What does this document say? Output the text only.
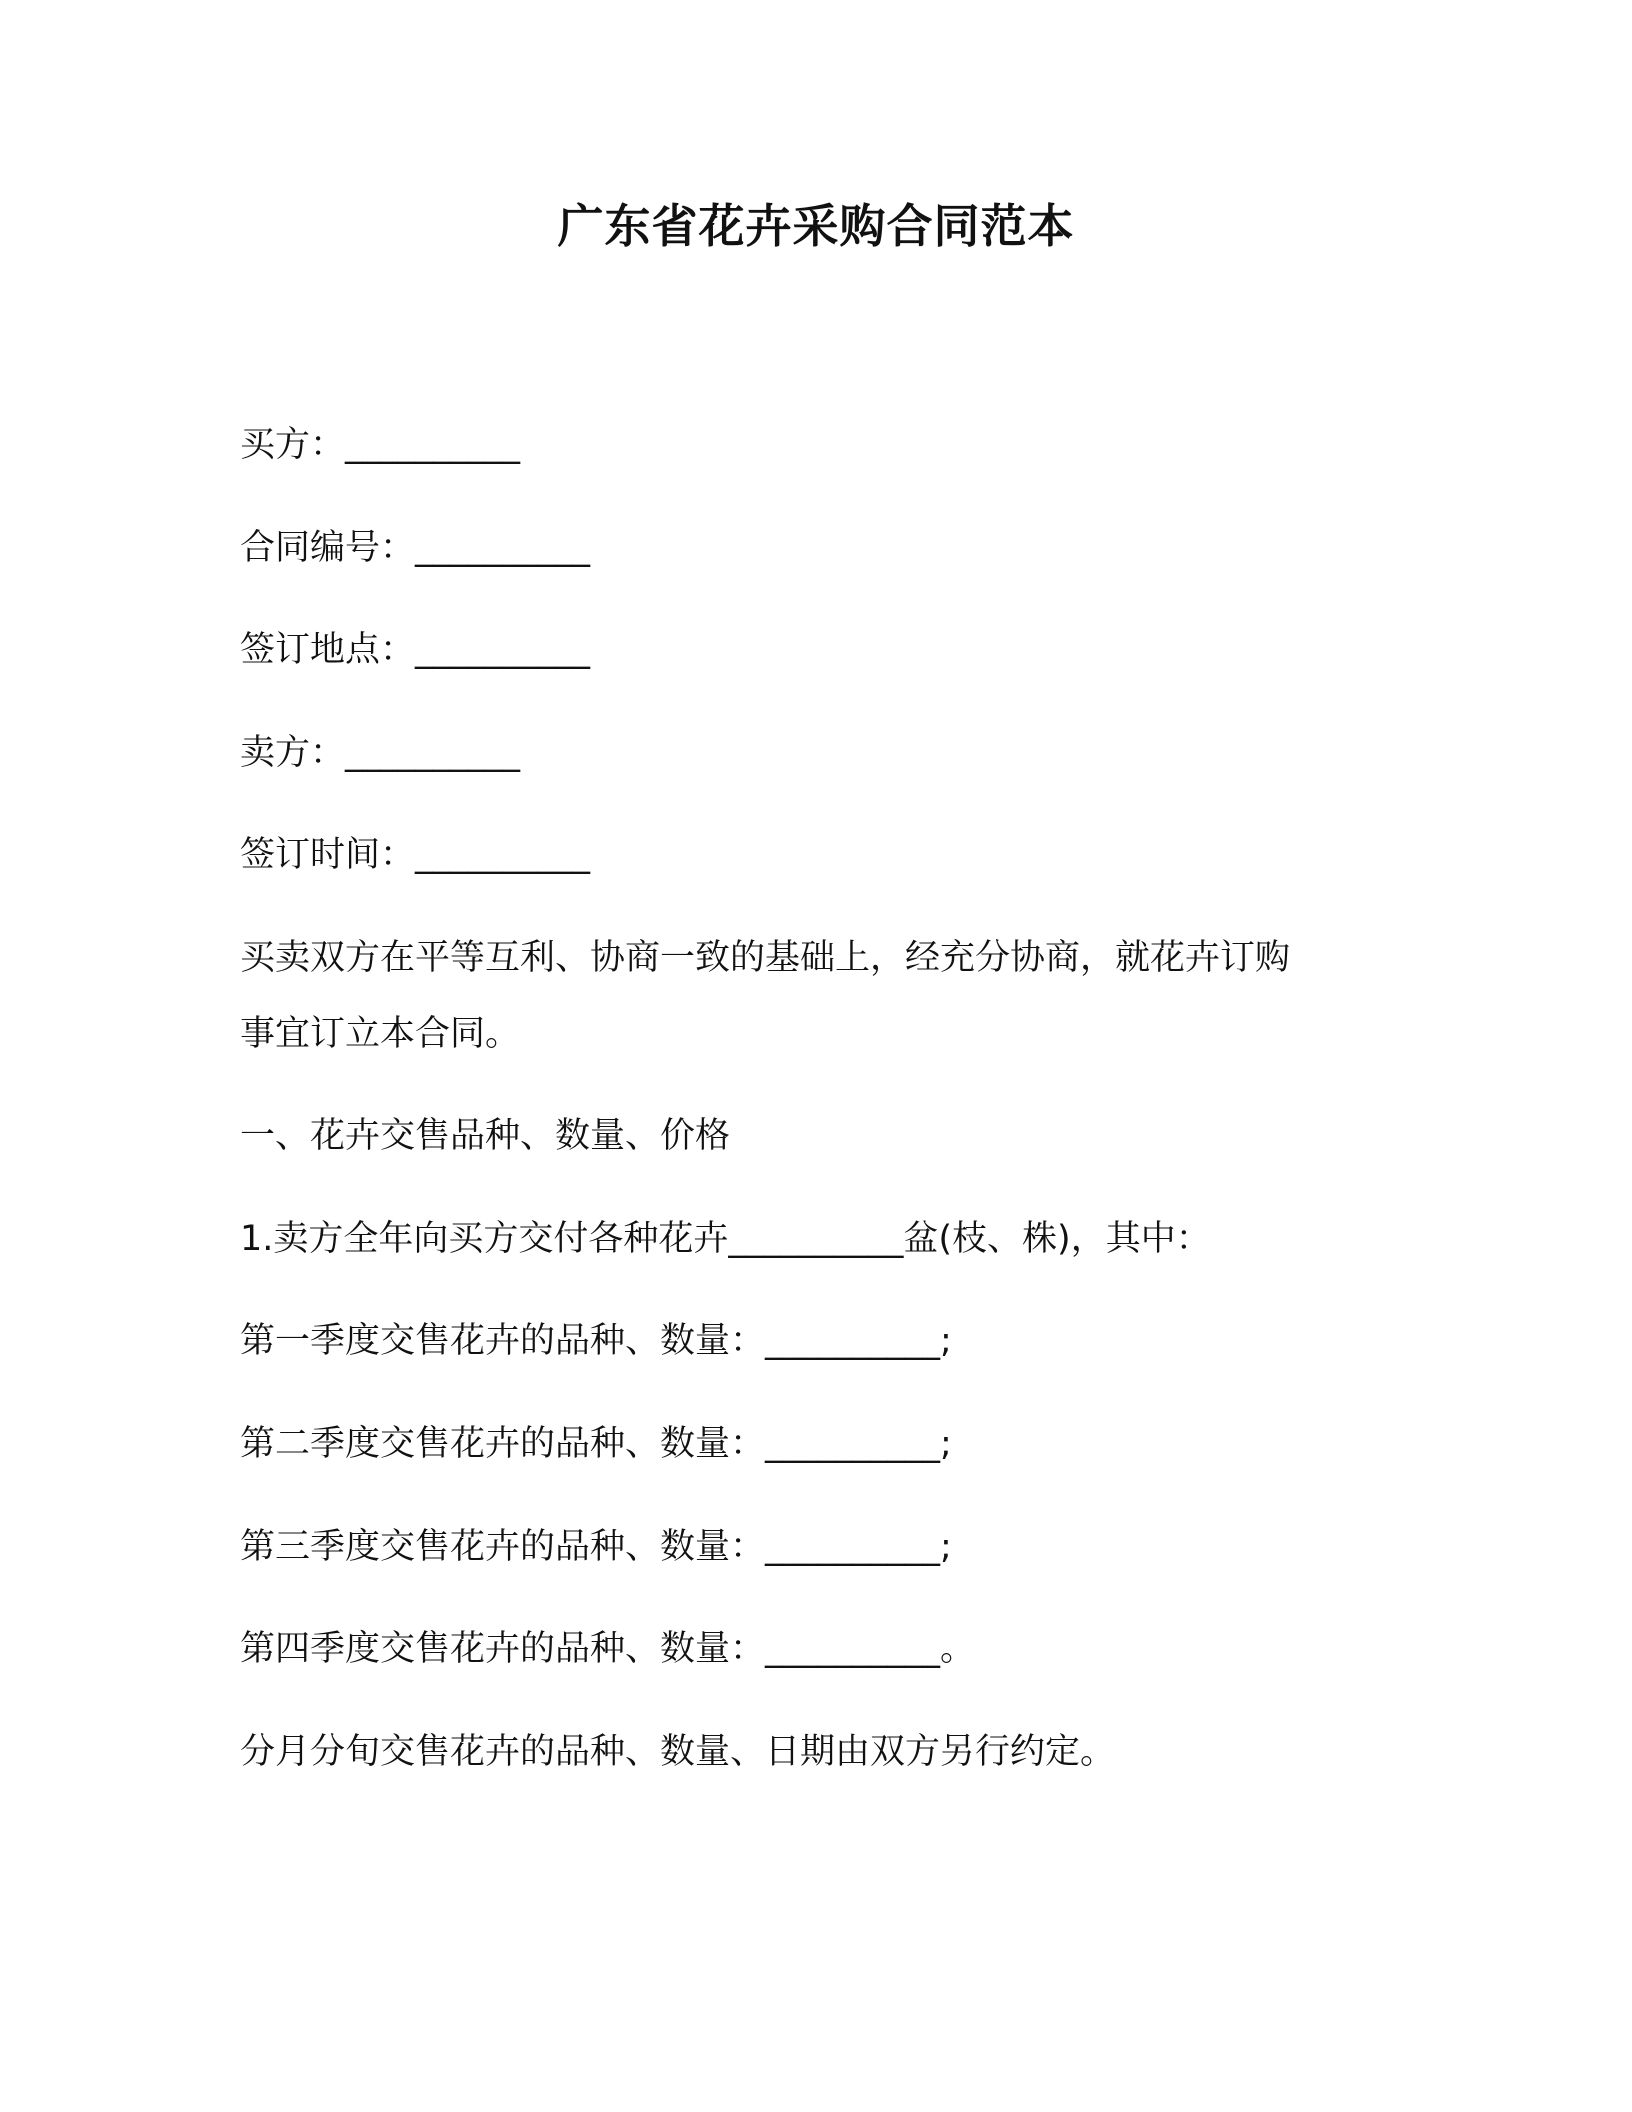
广东省花卉采购合同范本
买方：__________
合同编号：__________
签订地点：__________
卖方：__________
签订时间：__________
买卖双方在平等互利、协商一致的基础上，经充分协商，就花卉订购
事宜订立本合同。
一、花卉交售品种、数量、价格
1.卖方全年向买方交付各种花卉__________盆(枝、株)，其中：
第一季度交售花卉的品种、数量：__________;
第二季度交售花卉的品种、数量：__________;
第三季度交售花卉的品种、数量：__________;
第四季度交售花卉的品种、数量：__________。
分月分旬交售花卉的品种、数量、日期由双方另行约定。
